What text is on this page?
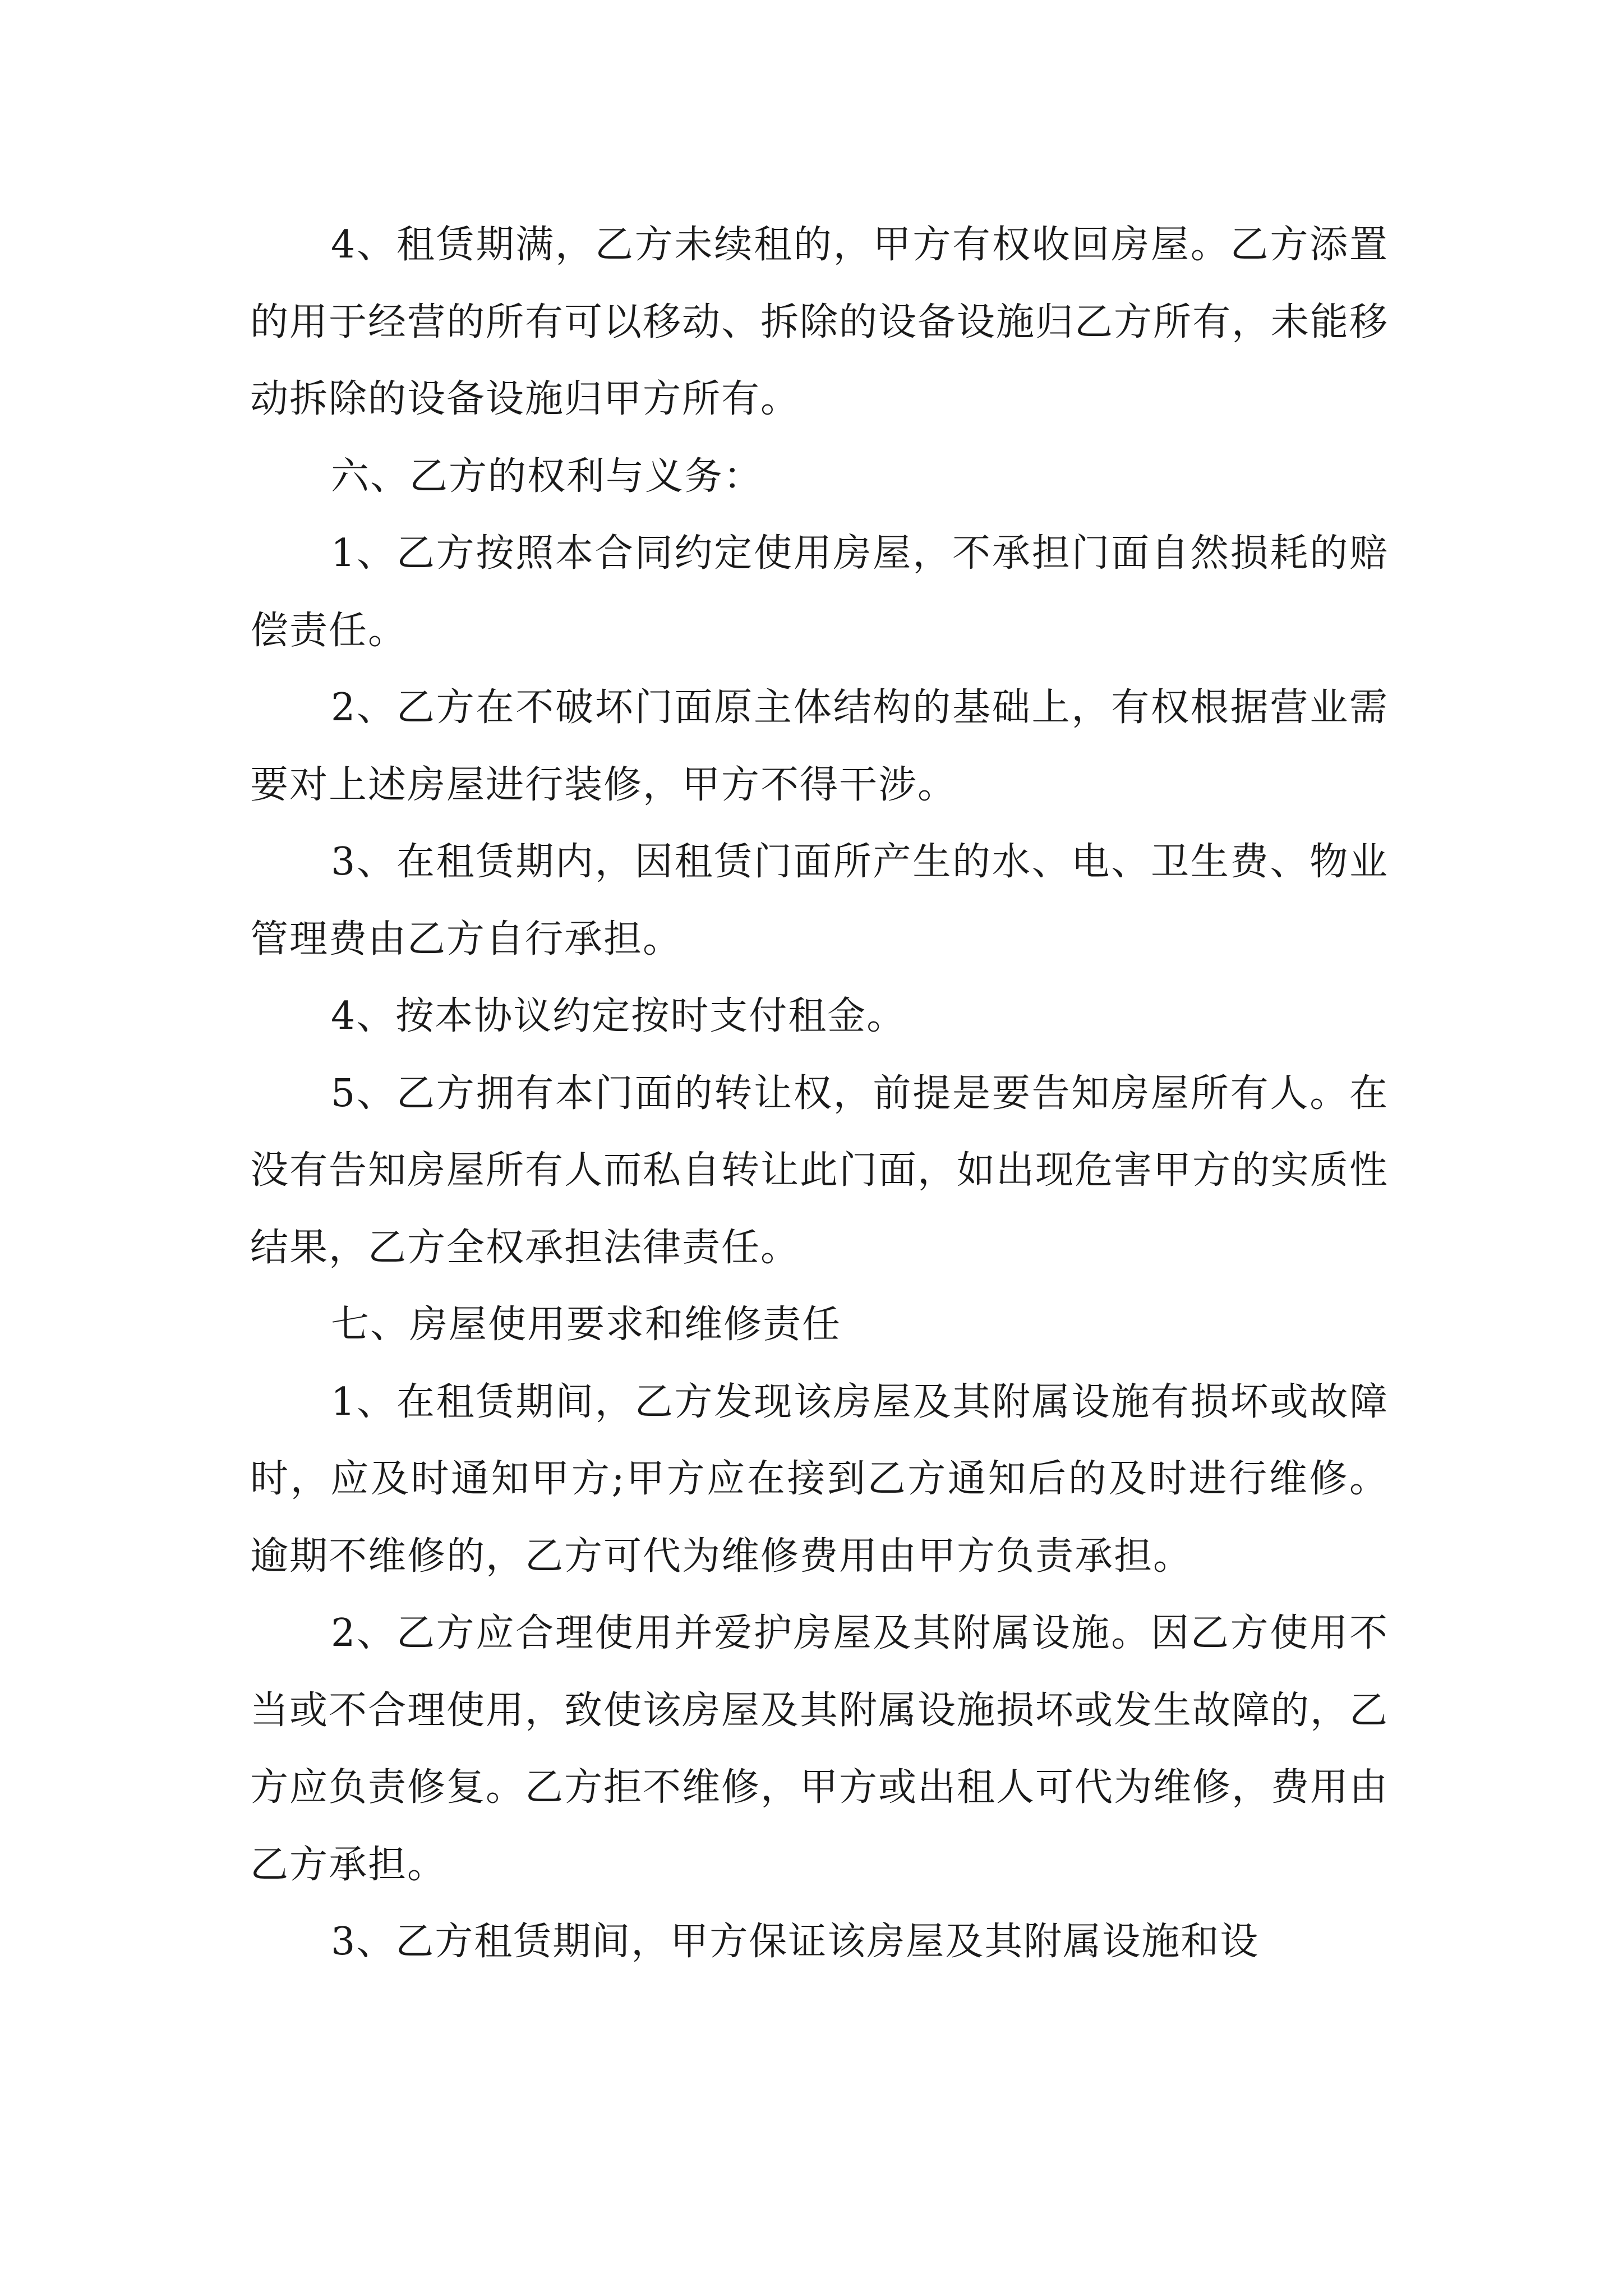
4、租赁期满，乙方未续租的，甲方有权收回房屋。乙方添置的用于经营的所有可以移动、拆除的设备设施归乙方所有，未能移动拆除的设备设施归甲方所有。

六、乙方的权利与义务：

1、乙方按照本合同约定使用房屋，不承担门面自然损耗的赔偿责任。

2、乙方在不破坏门面原主体结构的基础上，有权根据营业需要对上述房屋进行装修，甲方不得干涉。

3、在租赁期内，因租赁门面所产生的水、电、卫生费、物业管理费由乙方自行承担。

4、按本协议约定按时支付租金。

5、乙方拥有本门面的转让权，前提是要告知房屋所有人。在没有告知房屋所有人而私自转让此门面，如出现危害甲方的实质性结果，乙方全权承担法律责任。

七、房屋使用要求和维修责任

1、在租赁期间，乙方发现该房屋及其附属设施有损坏或故障时，应及时通知甲方;甲方应在接到乙方通知后的及时进行维修。逾期不维修的，乙方可代为维修费用由甲方负责承担。

2、乙方应合理使用并爱护房屋及其附属设施。因乙方使用不当或不合理使用，致使该房屋及其附属设施损坏或发生故障的，乙方应负责修复。乙方拒不维修，甲方或出租人可代为维修，费用由乙方承担。

3、乙方租赁期间，甲方保证该房屋及其附属设施和设
